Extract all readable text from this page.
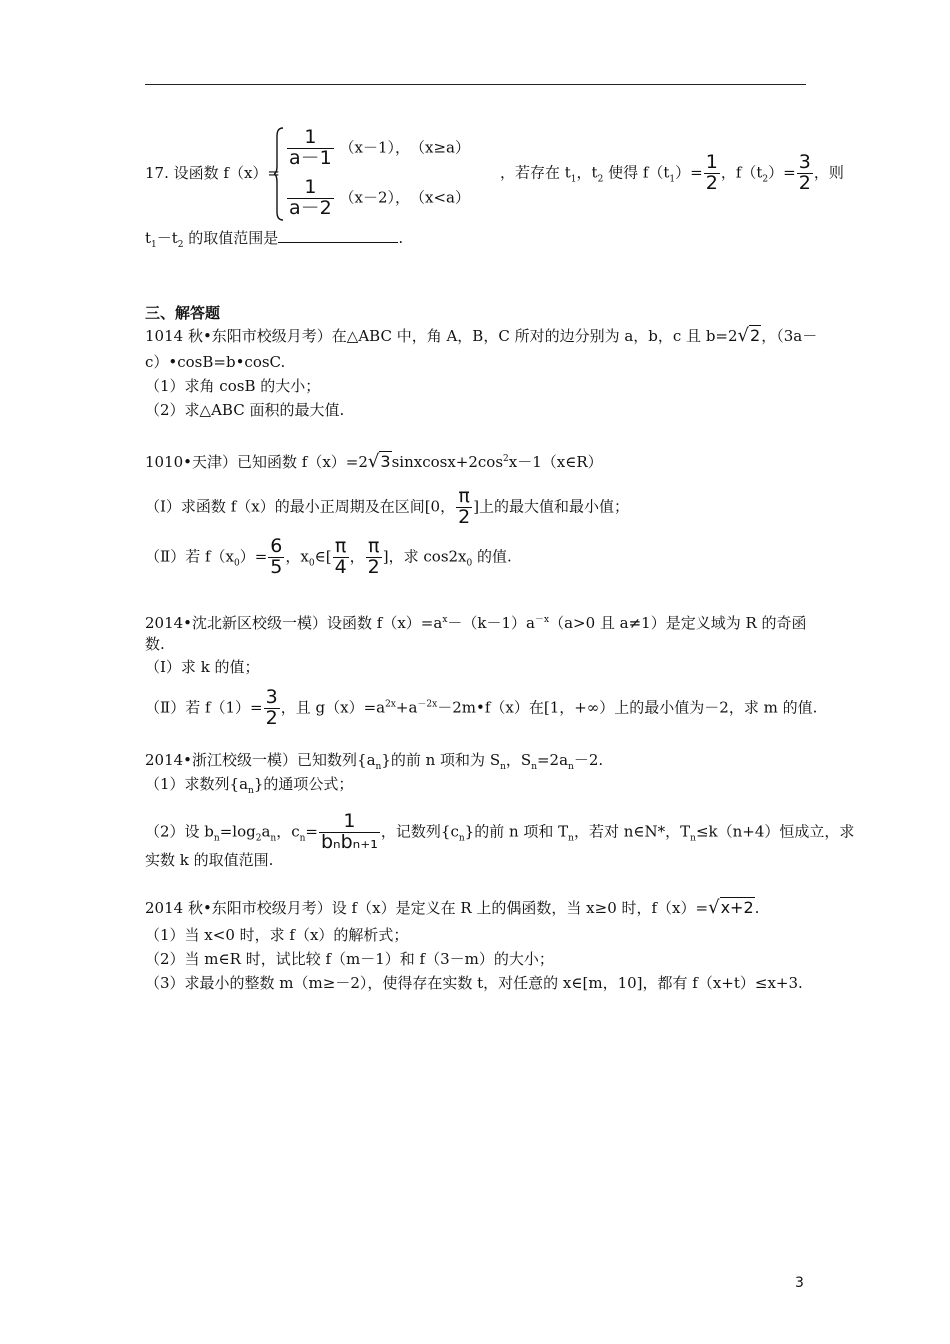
17. 设函数 f（x）=
$\frac{1}{a-1} (x-1)$，　（x≥a）
$\frac{1}{a-2} (x-2)$，　（x<a）
，若存在 $t_1$，$t_2$ 使得 $f(t_1)= \frac{1}{2}$ ，$f(t_2)= \frac{3}{2}$ ，则
$t_1-t_2$ 的取值范围是	.
三、解答题
1014 秋•东阳市校级月考）在△ABC 中，角 A，B，C 所对的边分别为 a，b，c 且 b=2√2，（3a－
c）•cosB=b•cosC.
（1）求角 cosB 的大小；
（2）求△ABC 面积的最大值.
1010•天津）已知函数 $f(x)=2√3sinxcosx+2\cos^2x-1(x\in R)$
（Ⅰ）求函数 f（x）的最小正周期及在区间[0， $\frac{\pi}{2}$ ]上的最大值和最小值；
（Ⅱ）若 $f(x_0)= \frac{6}{5}$ ，$x_0\in[ \frac{\pi}{4}$ ， $\frac{\pi}{2}$ ]，求 $\cos 2x_0$ 的值.
2014•沈北新区校级一模）设函数 $f(x)=a^x-(k-1)a^{-x}(a>0$ 且 a≠1）是定义域为 R 的奇函
数.
（Ⅰ）求 k 的值；
（Ⅱ）若 $f(1)= \frac{3}{2}$ ，且 $g(x)=a^{2x}+a^{-2x}-2m•f(x)$在[1，+∞）上的最小值为－2，求 m 的值.
2014•浙江校级一模）已知数列$\{a_n\}$的前 n 项和为 $S_n$，$S_n=2a_n-2$.
（1）求数列$\{a_n\}$的通项公式；
（2）设 $b_n=\log_2a_n$，$c_n= \frac{1}{\text{bₙbₙ₊₁}}$ ，记数列$\{c_n\}$的前 n 项和 $T_n$，若对 n∈N*，$T_n\le k(n+4)$恒成立，求
实数 k 的取值范围.
2014 秋•东阳市校级月考）设 f（x）是定义在 R 上的偶函数，当 x≥0 时，f（x）=√x+2.
（1）当 x<0 时，求 f（x）的解析式；
（2）当 m∈R 时，试比较 f（m－1）和 f（3－m）的大小；
（3）求最小的整数 m（m≥－2），使得存在实数 t，对任意的 x∈[m，10]，都有 f（x+t）≤x+3.
3
